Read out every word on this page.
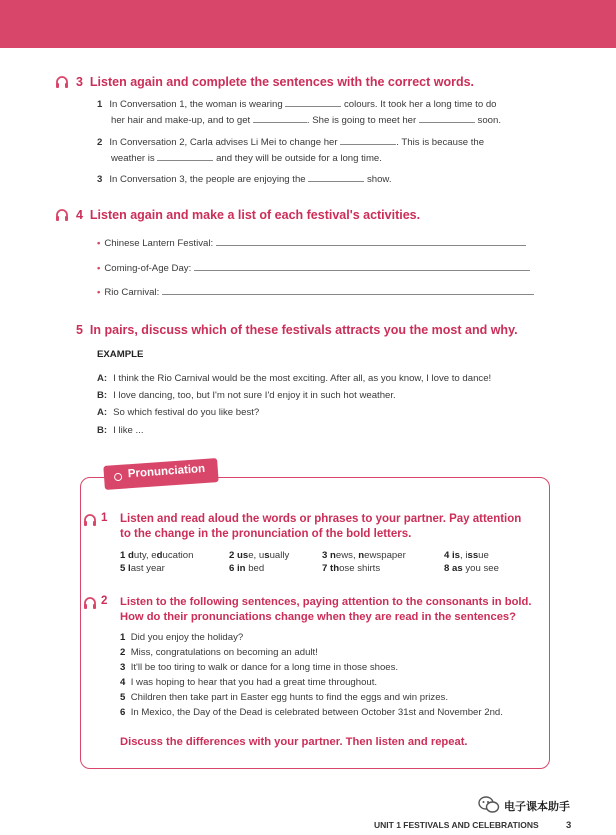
3 Listen again and complete the sentences with the correct words.
1 In Conversation 1, the woman is wearing	colours. It took her a long time to do
her hair and make-up, and to get	. She is going to meet her	soon.
2 In Conversation 2, Carla advises Li Mei to change her	. This is because the
weather is	and they will be outside for a long time.
3 In Conversation 3, the people are enjoying the	show.
4 Listen again and make a list of each festival's activities.
• Chinese Lantern Festival:
• Coming-of-Age Day:
• Rio Carnival:
5 In pairs, discuss which of these festivals attracts you the most and why.
EXAMPLE
A: I think the Rio Carnival would be the most exciting. After all, as you know, I love to dance!
B: I love dancing, too, but I'm not sure I'd enjoy it in such hot weather.
A: So which festival do you like best?
B: I like ...
Pronunciation
1 Listen and read aloud the words or phrases to your partner. Pay attention
to the change in the pronunciation of the bold letters.
1 duty, education	2 use, usually	3 news, newspaper	4 is, issue
5 last year	6 in bed	7 those shirts	8 as you see
2 Listen to the following sentences, paying attention to the consonants in bold.
How do their pronunciations change when they are read in the sentences?
1 Did you enjoy the holiday?
2 Miss, congratulations on becoming an adult!
3 It'll be too tiring to walk or dance for a long time in those shoes.
4 I was hoping to hear that you had a great time throughout.
5 Children then take part in Easter egg hunts to find the eggs and win prizes.
6 In Mexico, the Day of the Dead is celebrated between October 31st and November 2nd.
Discuss the differences with your partner. Then listen and repeat.
电子课本助手
UNIT 1 FESTIVALS AND CELEBRATIONS	3
